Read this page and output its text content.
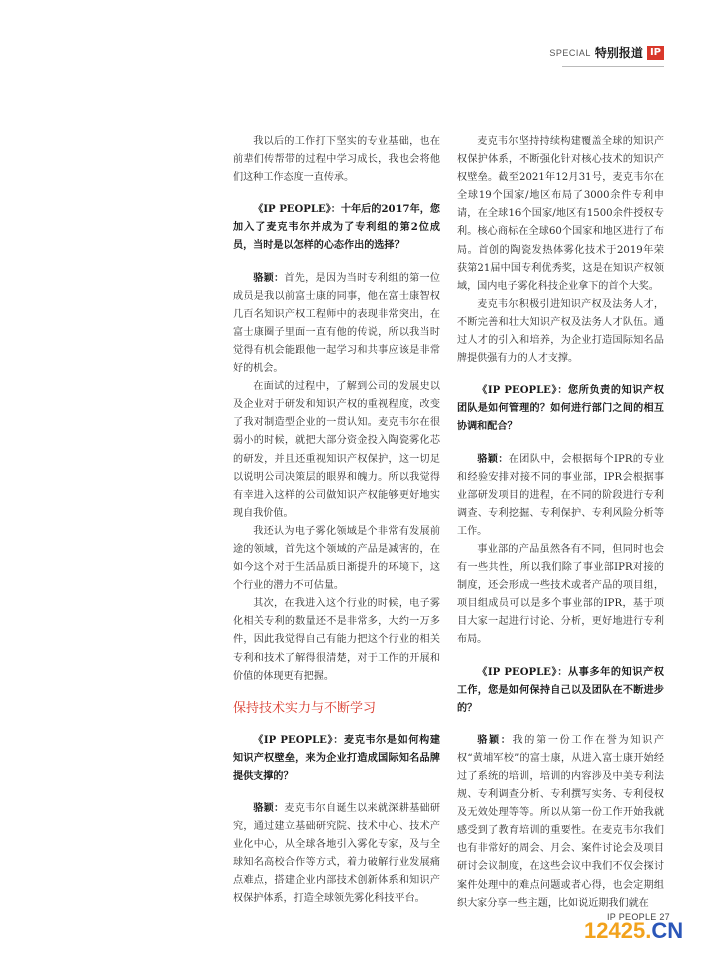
SPECIAL 特别报道 IP

我以后的工作打下坚实的专业基础，也在前辈们传帮带的过程中学习成长，我也会将他们这种工作态度一直传承。

《IP PEOPLE》：十年后的2017年，您加入了麦克韦尔并成为了专利组的第2位成员，当时是以怎样的心态作出的选择？

骆颖：首先，是因为当时专利组的第一位成员是我以前富士康的同事，他在富士康智权几百名知识产权工程师中的表现非常突出，在富士康圈子里面一直有他的传说，所以我当时觉得有机会能跟他一起学习和共事应该是非常好的机会。

在面试的过程中，了解到公司的发展史以及企业对于研发和知识产权的重视程度，改变了我对制造型企业的一贯认知。麦克韦尔在很弱小的时候，就把大部分资金投入陶瓷雾化芯的研发，并且还重视知识产权保护，这一切足以说明公司决策层的眼界和魄力。所以我觉得有幸进入这样的公司做知识产权能够更好地实现自我价值。

我还认为电子雾化领域是个非常有发展前途的领域，首先这个领域的产品是减害的，在如今这个对于生活品质日渐提升的环境下，这个行业的潜力不可估量。

其次，在我进入这个行业的时候，电子雾化相关专利的数量还不是非常多，大约一万多件，因此我觉得自己有能力把这个行业的相关专利和技术了解得很清楚，对于工作的开展和价值的体现更有把握。

保持技术实力与不断学习

《IP PEOPLE》：麦克韦尔是如何构建知识产权壁垒，来为企业打造成国际知名品牌提供支撑的？

骆颖：麦克韦尔自诞生以来就深耕基础研究，通过建立基础研究院、技术中心、技术产业化中心，从全球各地引入雾化专家，及与全球知名高校合作等方式，着力破解行业发展痛点难点，搭建企业内部技术创新体系和知识产权保护体系，打造全球领先雾化科技平台。

麦克韦尔坚持持续构建覆盖全球的知识产权保护体系，不断强化针对核心技术的知识产权壁垒。截至2021年12月31号，麦克韦尔在全球19个国家/地区布局了3000余件专利申请，在全球16个国家/地区有1500余件授权专利。核心商标在全球60个国家和地区进行了布局。首创的陶瓷发热体雾化技术于2019年荣获第21届中国专利优秀奖，这是在知识产权领域，国内电子雾化科技企业拿下的首个大奖。

麦克韦尔积极引进知识产权及法务人才，不断完善和壮大知识产权及法务人才队伍。通过人才的引入和培养，为企业打造国际知名品牌提供强有力的人才支撑。

《IP PEOPLE》：您所负责的知识产权团队是如何管理的？如何进行部门之间的相互协调和配合？

骆颖：在团队中，会根据每个IPR的专业和经验安排对接不同的事业部，IPR会根据事业部研发项目的进程，在不同的阶段进行专利调查、专利挖掘、专利保护、专利风险分析等工作。

事业部的产品虽然各有不同，但同时也会有一些共性，所以我们除了事业部IPR对接的制度，还会形成一些技术或者产品的项目组，项目组成员可以是多个事业部的IPR，基于项目大家一起进行讨论、分析，更好地进行专利布局。

《IP PEOPLE》：从事多年的知识产权工作，您是如何保持自己以及团队在不断进步的？

骆颖：我的第一份工作在誉为知识产权“黄埔军校”的富士康，从进入富士康开始经过了系统的培训，培训的内容涉及中美专利法规、专利调查分析、专利撰写实务、专利侵权及无效处理等等。所以从第一份工作开始我就感受到了教育培训的重要性。在麦克韦尔我们也有非常好的周会、月会、案件讨论会及项目研讨会议制度，在这些会议中我们不仅会探讨案件处理中的难点问题或者心得，也会定期组织大家分享一些主题，比如说近期我们就在

IP PEOPLE 27
12425.CN
